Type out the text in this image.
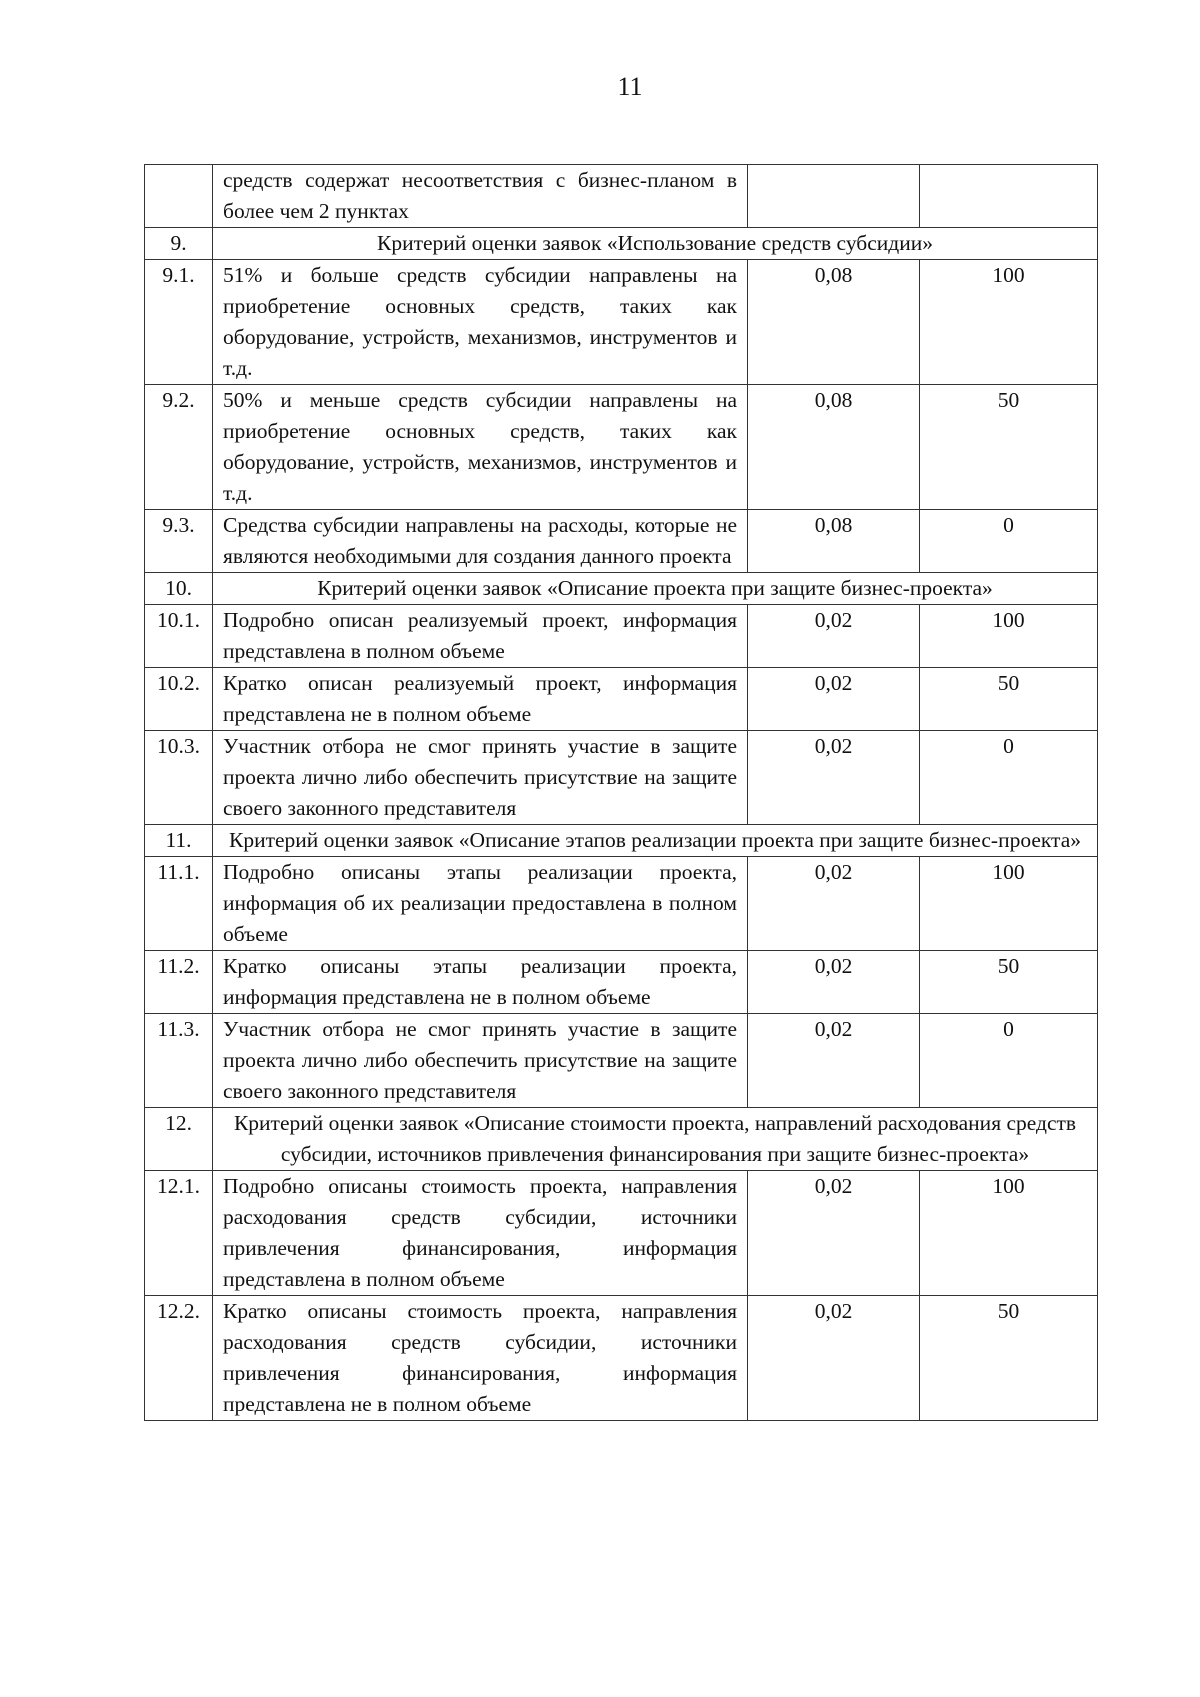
11
	средств содержат несоответствия с бизнес-планом в более чем 2 пунктах		
9.	Критерий оценки заявок «Использование средств субсидии»		
9.1.	51% и больше средств субсидии направлены на приобретение основных средств, таких как оборудование, устройств, механизмов, инструментов и т.д.	0,08	100
9.2.	50% и меньше средств субсидии направлены на приобретение основных средств, таких как оборудование, устройств, механизмов, инструментов и т.д.	0,08	50
9.3.	Средства субсидии направлены на расходы, которые не являются необходимыми для создания данного проекта	0,08	0
10.	Критерий оценки заявок «Описание проекта при защите бизнес-проекта»		
10.1.	Подробно описан реализуемый проект, информация представлена в полном объеме	0,02	100
10.2.	Кратко описан реализуемый проект, информация представлена не в полном объеме	0,02	50
10.3.	Участник отбора не смог принять участие в защите проекта лично либо обеспечить присутствие на защите своего законного представителя	0,02	0
11.	Критерий оценки заявок «Описание этапов реализации проекта при защите бизнес-проекта»		
11.1.	Подробно описаны этапы реализации проекта, информация об их реализации предоставлена в полном объеме	0,02	100
11.2.	Кратко описаны этапы реализации проекта, информация представлена не в полном объеме	0,02	50
11.3.	Участник отбора не смог принять участие в защите проекта лично либо обеспечить присутствие на защите своего законного представителя	0,02	0
12.	Критерий оценки заявок «Описание стоимости проекта, направлений расходования средств субсидии, источников привлечения финансирования при защите бизнес-проекта»		
12.1.	Подробно описаны стоимость проекта, направления расходования средств субсидии, источники привлечения финансирования, информация представлена в полном объеме	0,02	100
12.2.	Кратко описаны стоимость проекта, направления расходования средств субсидии, источники привлечения финансирования, информация представлена не в полном объеме	0,02	50
